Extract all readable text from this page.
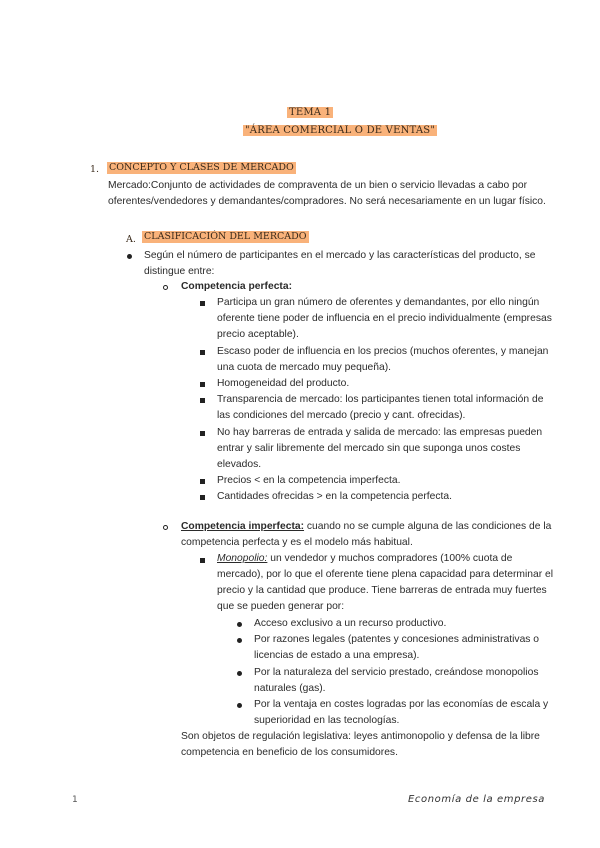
TEMA 1
"ÁREA COMERCIAL O DE VENTAS"
1. CONCEPTO Y CLASES DE MERCADO
Mercado:Conjunto de actividades de compraventa de un bien o servicio llevadas a cabo por
oferentes/vendedores y demandantes/compradores. No será necesariamente en un lugar físico.
A. CLASIFICACIÓN DEL MERCADO
Según el número de participantes en el mercado y las características del producto, se
distingue entre:
Competencia perfecta:
Participa un gran número de oferentes y demandantes, por ello ningún
oferente tiene poder de influencia en el precio individualmente (empresas
precio aceptable).
Escaso poder de influencia en los precios (muchos oferentes, y manejan
una cuota de mercado muy pequeña).
Homogeneidad del producto.
Transparencia de mercado: los participantes tienen total información de
las condiciones del mercado (precio y cant. ofrecidas).
No hay barreras de entrada y salida de mercado: las empresas pueden
entrar y salir libremente del mercado sin que suponga unos costes
elevados.
Precios < en la competencia imperfecta.
Cantidades ofrecidas > en la competencia perfecta.
Competencia imperfecta: cuando no se cumple alguna de las condiciones de la
competencia perfecta y es el modelo más habitual.
Monopolio: un vendedor y muchos compradores (100% cuota de
mercado), por lo que el oferente tiene plena capacidad para determinar el
precio y la cantidad que produce. Tiene barreras de entrada muy fuertes
que se pueden generar por:
Acceso exclusivo a un recurso productivo.
Por razones legales (patentes y concesiones administrativas o
licencias de estado a una empresa).
Por la naturaleza del servicio prestado, creándose monopolios
naturales (gas).
Por la ventaja en costes logradas por las economías de escala y
superioridad en las tecnologías.
Son objetos de regulación legislativa: leyes antimonopolio y defensa de la libre
competencia en beneficio de los consumidores.
1	Economía de la empresa
